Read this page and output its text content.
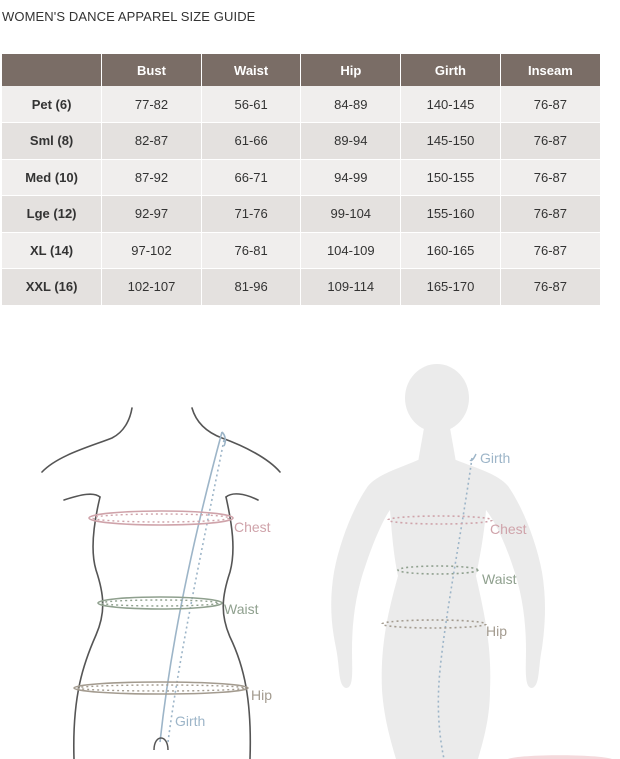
WOMEN'S DANCE APPAREL SIZE GUIDE
	Bust	Waist	Hip	Girth	Inseam
Pet (6)	77-82	56-61	84-89	140-145	76-87
Sml (8)	82-87	61-66	89-94	145-150	76-87
Med (10)	87-92	66-71	94-99	150-155	76-87
Lge (12)	92-97	71-76	99-104	155-160	76-87
XL (14)	97-102	76-81	104-109	160-165	76-87
XXL (16)	102-107	81-96	109-114	165-170	76-87
Chest
Waist
Hip
Girth
Girth
Chest
Waist
Hip
